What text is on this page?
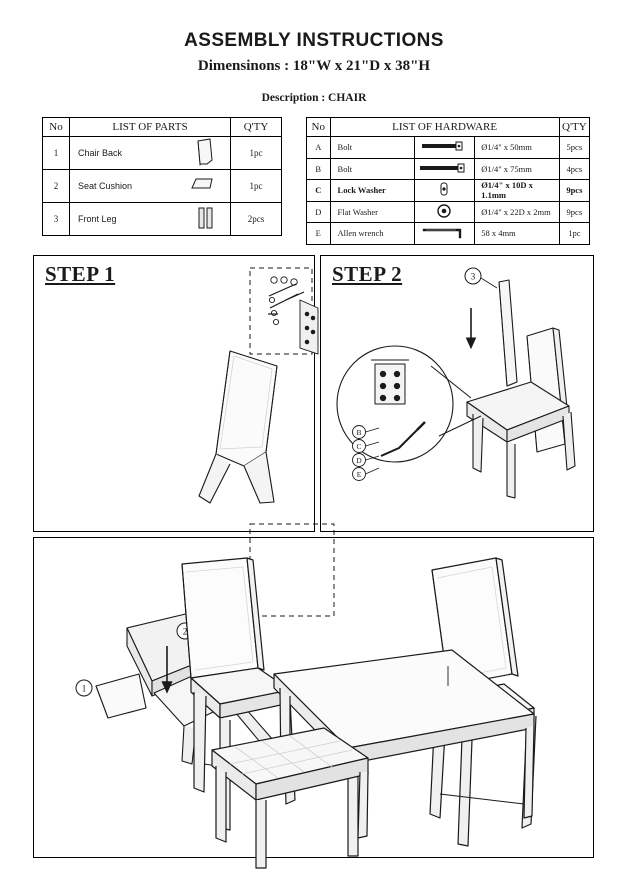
ASSEMBLY INSTRUCTIONS
Dimensinons : 18"W x 21"D x 38"H
Description : CHAIR
No	LIST OF PARTS	Q'TY
1	Chair Back	1pc
2	Seat Cushion	1pc
3	Front Leg	2pcs
No	LIST OF HARDWARE			Q'TY
A	Bolt		Ø1/4" x 50mm	5pcs
B	Bolt		Ø1/4" x 75mm	4pcs
C	Lock Washer		Ø1/4" x 10D x 1.1mm	9pcs
D	Flat Washer		Ø1/4" x 22D x 2mm	9pcs
E	Allen wrench		58 x 4mm	1pc
STEP 1
2
1
STEP 2
B
C
D
E
3
